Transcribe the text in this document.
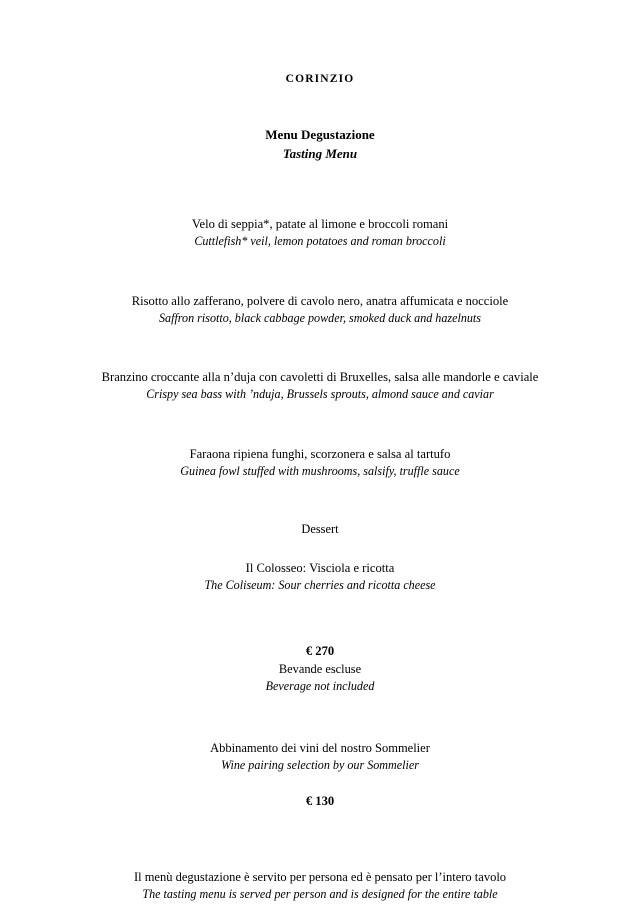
CORINZIO
Menu Degustazione
Tasting Menu
Velo di seppia*, patate al limone e broccoli romani
Cuttlefish* veil, lemon potatoes and roman broccoli
Risotto allo zafferano, polvere di cavolo nero, anatra affumicata e nocciole
Saffron risotto, black cabbage powder, smoked duck and hazelnuts
Branzino croccante alla n’duja con cavoletti di Bruxelles, salsa alle mandorle e caviale
Crispy sea bass with ’nduja, Brussels sprouts, almond sauce and caviar
Faraona ripiena funghi, scorzonera e salsa al tartufo
Guinea fowl stuffed with mushrooms, salsify, truffle sauce
Dessert
Il Colosseo: Visciola e ricotta
The Coliseum: Sour cherries and ricotta cheese
€ 270
Bevande escluse
Beverage not included
Abbinamento dei vini del nostro Sommelier
Wine pairing selection by our Sommelier
€ 130
Il menù degustazione è servito per persona ed è pensato per l’intero tavolo
The tasting menu is served per person and is designed for the entire table
